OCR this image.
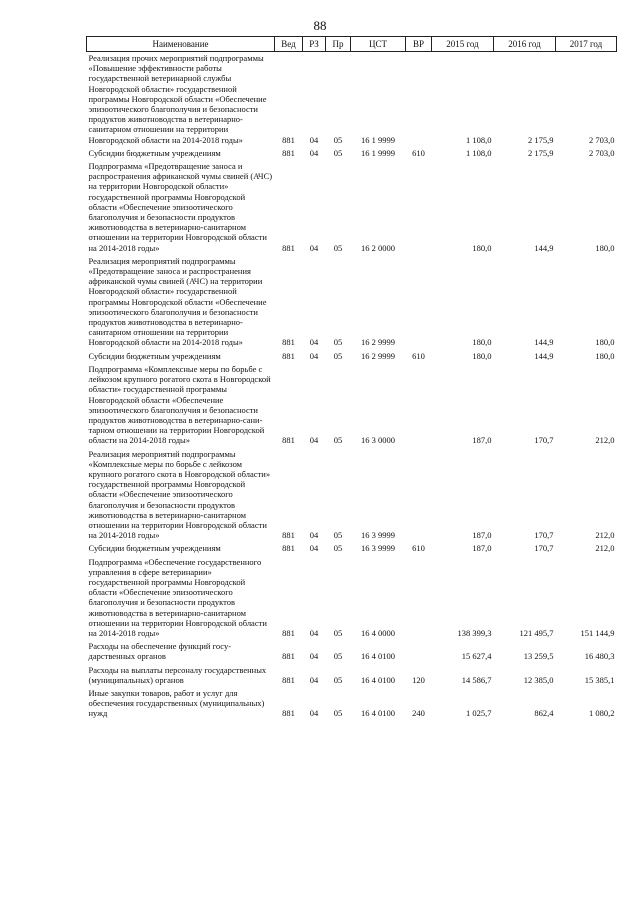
88
Наименование	Вед	РЗ	Пр	ЦСТ	ВР	2015 год	2016 год	2017 год
Реализация прочих мероприятий подпрограммы «Повышение эффективности работы государственной ветеринарной службы Новгородской области» государственной программы Новгородской области «Обеспечение эпизоотического благополучия и безопасности продуктов животноводства в ветеринарно-санитарном отношении на территории Новгородской области на 2014-2018 годы»	881	04	05	16 1 9999		1 108,0	2 175,9	2 703,0
Субсидии бюджетным учреждениям	881	04	05	16 1 9999	610	1 108,0	2 175,9	2 703,0
Подпрограмма «Предотвращение заноса и распространения африканской чумы свиней (АЧС) на территории Новгородской области» государственной программы Новгородской области «Обеспечение эпизоотического благополучия и безопасности продуктов животноводства в ветеринарно-санитарном отношении на территории Новгородской области на 2014-2018 годы»	881	04	05	16 2 0000		180,0	144,9	180,0
Реализация мероприятий подпрограммы «Предотвращение заноса и распространения африканской чумы свиней (АЧС) на территории Новгородской области» государственной программы Новгородской области «Обеспечение эпизоотического благополучия и безопасности продуктов животноводства в ветеринарно-санитарном отношении на территории Новгородской области на 2014-2018 годы»	881	04	05	16 2 9999		180,0	144,9	180,0
Субсидии бюджетным учреждениям	881	04	05	16 2 9999	610	180,0	144,9	180,0
Подпрограмма «Комплексные меры по борьбе с лейкозом крупного рогатого скота в Новгородской области» государственной программы Новгородской области «Обеспечение эпизоотического благополучия и безопасности продуктов животноводства в ветеринарно-санитарном отношении на территории Новгородской области на 2014-2018 годы»	881	04	05	16 3 0000		187,0	170,7	212,0
Реализация мероприятий подпрограммы «Комплексные меры по борьбе с лейкозом крупного рогатого скота в Новгородской области» государственной программы Новгородской области «Обеспечение эпизоотического благополучия и безопасности продуктов животноводства в ветеринарно-санитарном отношении на территории Новгородской области на 2014-2018 годы»	881	04	05	16 3 9999		187,0	170,7	212,0
Субсидии бюджетным учреждениям	881	04	05	16 3 9999	610	187,0	170,7	212,0
Подпрограмма «Обеспечение государственного управления в сфере ветеринарии» государственной программы Новгородской области «Обеспечение эпизоотического благополучия и безопасности продуктов животноводства в ветеринарно-санитарном отношении на территории Новгородской области на 2014-2018 годы»	881	04	05	16 4 0000		138 399,3	121 495,7	151 144,9
Расходы на обеспечение функций государственных органов	881	04	05	16 4 0100		15 627,4	13 259,5	16 480,3
Расходы на выплаты персоналу государственных (муниципальных) органов	881	04	05	16 4 0100	120	14 586,7	12 385,0	15 385,1
Иные закупки товаров, работ и услуг для обеспечения государственных (муниципальных) нужд	881	04	05	16 4 0100	240	1 025,7	862,4	1 080,2
